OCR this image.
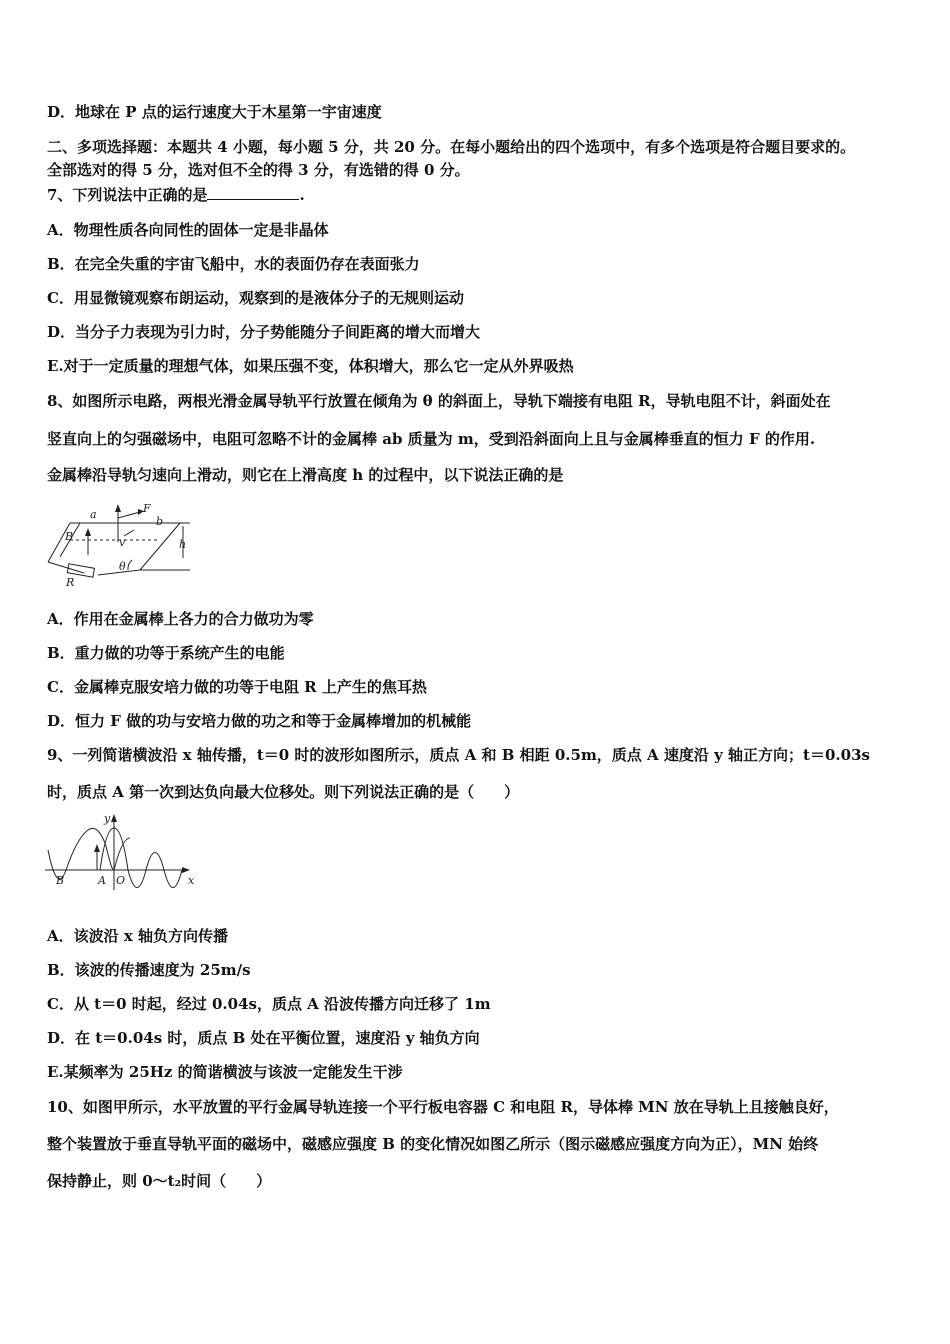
D．地球在 P 点的运行速度大于木星第一宇宙速度
二、多项选择题：本题共 4 小题，每小题 5 分，共 20 分。在每小题给出的四个选项中，有多个选项是符合题目要求的。
全部选对的得 5 分，选对但不全的得 3 分，有选错的得 0 分。
7、下列说法中正确的是	.
A．物理性质各向同性的固体一定是非晶体
B．在完全失重的宇宙飞船中，水的表面仍存在表面张力
C．用显微镜观察布朗运动，观察到的是液体分子的无规则运动
D．当分子力表现为引力时，分子势能随分子间距离的增大而增大
E.对于一定质量的理想气体，如果压强不变，体积增大，那么它一定从外界吸热
8、如图所示电路，两根光滑金属导轨平行放置在倾角为 θ 的斜面上，导轨下端接有电阻 R，导轨电阻不计，斜面处在
竖直向上的匀强磁场中，电阻可忽略不计的金属棒 ab 质量为 m，受到沿斜面向上且与金属棒垂直的恒力 F 的作用.
金属棒沿导轨匀速向上滑动，则它在上滑高度 h 的过程中，以下说法正确的是
a	F
b
B	v	h
θ
R
A．作用在金属棒上各力的合力做功为零
B．重力做的功等于系统产生的电能
C．金属棒克服安培力做的功等于电阻 R 上产生的焦耳热
D．恒力 F 做的功与安培力做的功之和等于金属棒增加的机械能
9、一列简谐横波沿 x 轴传播，t＝0 时的波形如图所示，质点 A 和 B 相距 0.5m，质点 A 速度沿 y 轴正方向；t＝0.03s
时，质点 A 第一次到达负向最大位移处。则下列说法正确的是（　　）
y
x
B	A O
A．该波沿 x 轴负方向传播
B．该波的传播速度为 25m/s
C．从 t＝0 时起，经过 0.04s，质点 A 沿波传播方向迁移了 1m
D．在 t＝0.04s 时，质点 B 处在平衡位置，速度沿 y 轴负方向
E.某频率为 25Hz 的简谐横波与该波一定能发生干涉
10、如图甲所示，水平放置的平行金属导轨连接一个平行板电容器 C 和电阻 R，导体棒 MN 放在导轨上且接触良好，
整个装置放于垂直导轨平面的磁场中，磁感应强度 B 的变化情况如图乙所示（图示磁感应强度方向为正），MN 始终
保持静止，则 0～t₂时间（　　）
